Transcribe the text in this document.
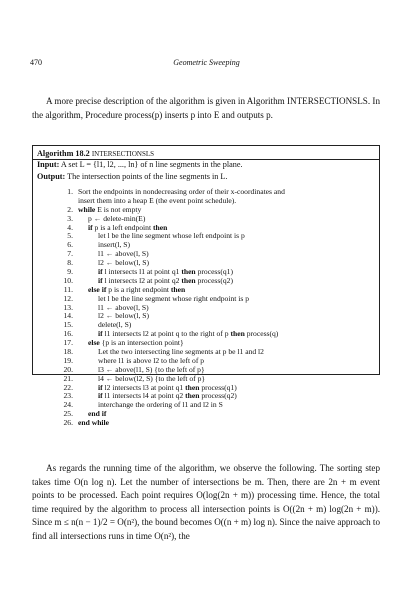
470	Geometric Sweeping
A more precise description of the algorithm is given in Algorithm INTERSECTIONSLS. In the algorithm, Procedure process(p) inserts p into E and outputs p.
Algorithm 18.2 INTERSECTIONSLS
Input: A set L = {l1, l2, ..., ln} of n line segments in the plane.
Output: The intersection points of the line segments in L.
1. Sort the endpoints in nondecreasing order of their x-coordinates and
insert them into a heap E (the event point schedule).
2. while E is not empty
3.	p ← delete-min(E)
4.	if p is a left endpoint then
5.	let l be the line segment whose left endpoint is p
6.	insert(l, S)
7.	l1 ← above(l, S)
8.	l2 ← below(l, S)
9.	if l intersects l1 at point q1 then process(q1)
10.	if l intersects l2 at point q2 then process(q2)
11.	else if p is a right endpoint then
12.	let l be the line segment whose right endpoint is p
13.	l1 ← above(l, S)
14.	l2 ← below(l, S)
15.	delete(l, S)
16.	if l1 intersects l2 at point q to the right of p then process(q)
17.	else {p is an intersection point}
18.	Let the two intersecting line segments at p be l1 and l2
19.	where l1 is above l2 to the left of p
20.	l3 ← above(l1, S) {to the left of p}
21.	l4 ← below(l2, S) {to the left of p}
22.	if l2 intersects l3 at point q1 then process(q1)
23.	if l1 intersects l4 at point q2 then process(q2)
24.	interchange the ordering of l1 and l2 in S
25.	end if
26. end while
As regards the running time of the algorithm, we observe the following. The sorting step takes time O(n log n). Let the number of intersections be m. Then, there are 2n + m event points to be processed. Each point requires O(log(2n + m)) processing time. Hence, the total time required by the algorithm to process all intersection points is O((2n + m) log(2n + m)). Since m ≤ n(n − 1)/2 = O(n²), the bound becomes O((n + m) log n). Since the naive approach to find all intersections runs in time O(n²), the
